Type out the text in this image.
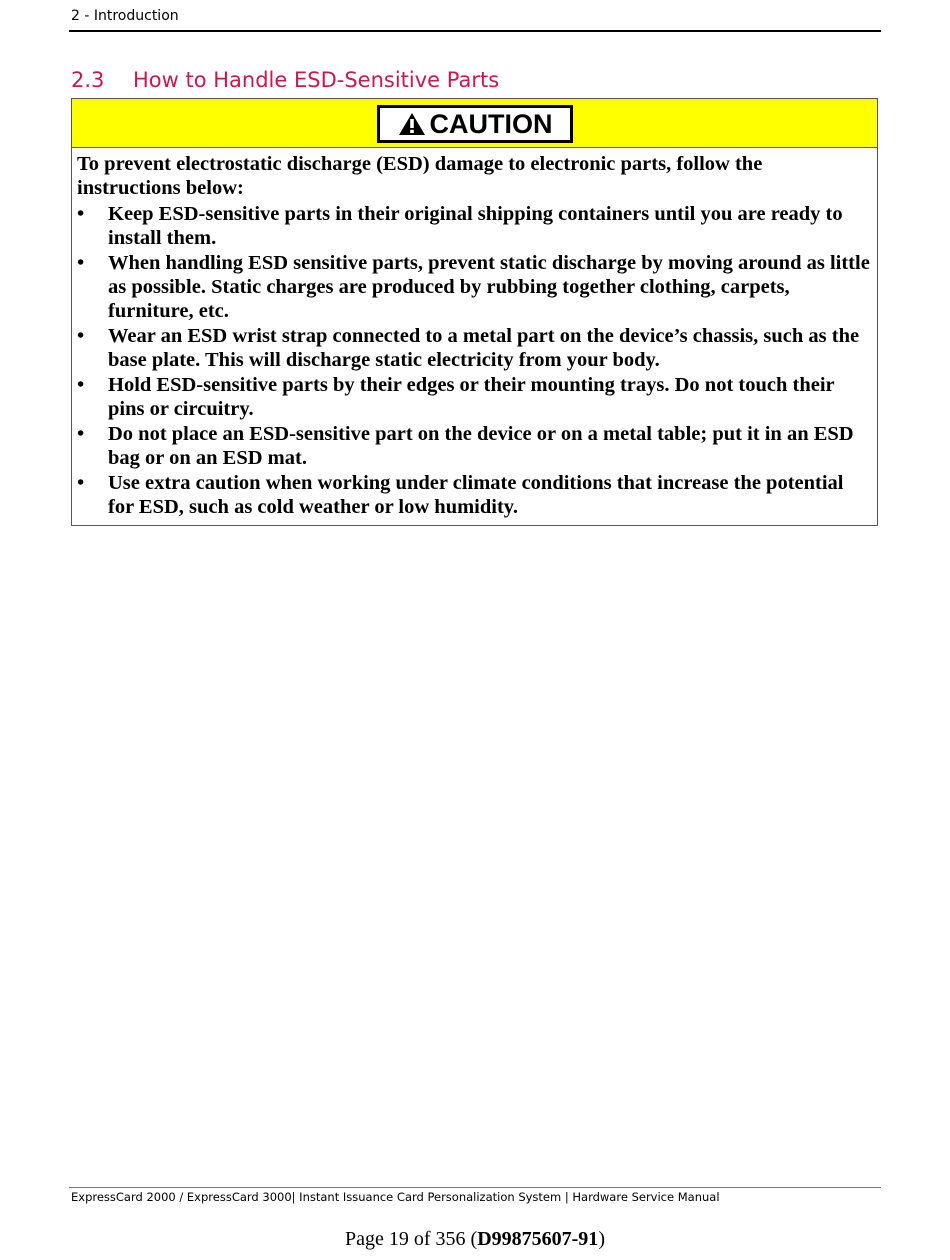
2 - Introduction
2.3 How to Handle ESD-Sensitive Parts
CAUTION

To prevent electrostatic discharge (ESD) damage to electronic parts, follow the instructions below:

•	Keep ESD-sensitive parts in their original shipping containers until you are ready to install them.
•	When handling ESD sensitive parts, prevent static discharge by moving around as little as possible. Static charges are produced by rubbing together clothing, carpets, furniture, etc.
•	Wear an ESD wrist strap connected to a metal part on the device’s chassis, such as the base plate. This will discharge static electricity from your body.
•	Hold ESD-sensitive parts by their edges or their mounting trays. Do not touch their pins or circuitry.
•	Do not place an ESD-sensitive part on the device or on a metal table; put it in an ESD bag or on an ESD mat.
•	Use extra caution when working under climate conditions that increase the potential for ESD, such as cold weather or low humidity.
ExpressCard 2000 / ExpressCard 3000| Instant Issuance Card Personalization System | Hardware Service Manual
Page 19 of 356 (D99875607-91)
